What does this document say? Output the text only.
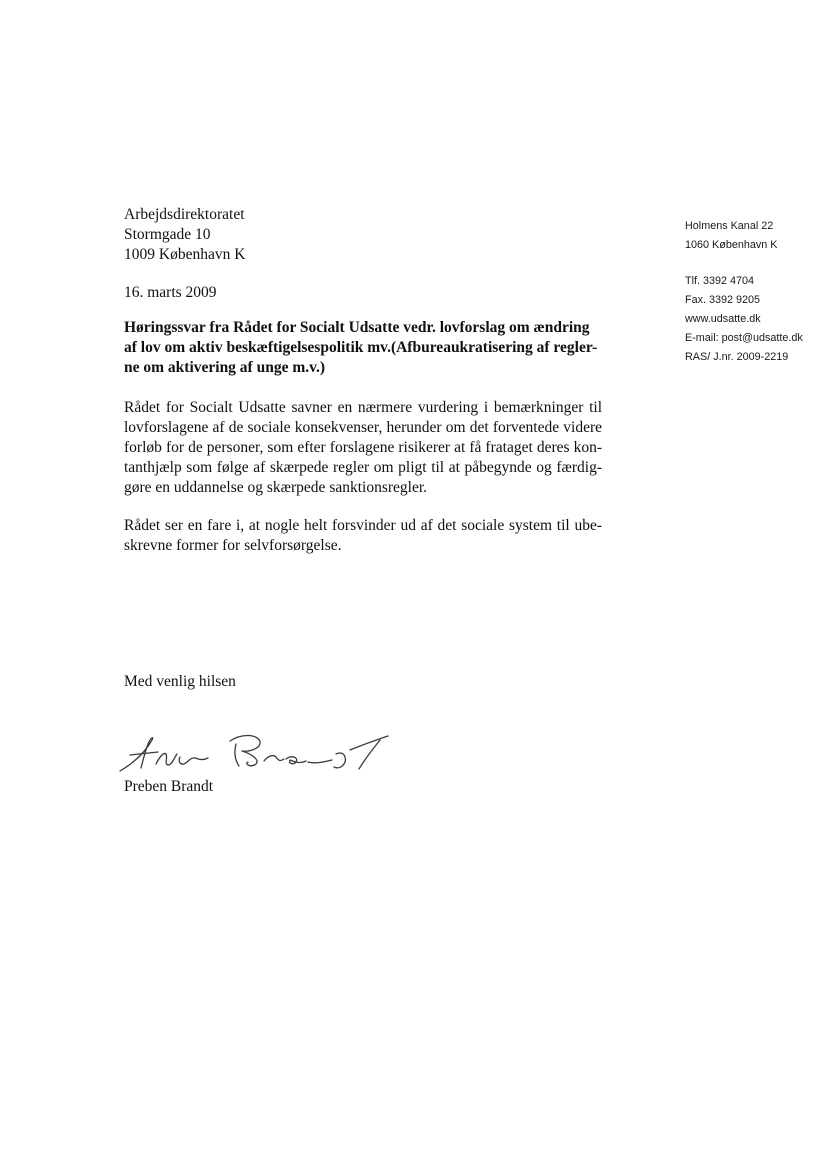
Arbejdsdirektoratet
Stormgade 10
1009 København K
16. marts 2009
Høringssvar fra Rådet for Socialt Udsatte vedr. lovforslag om ændring
af lov om aktiv beskæftigelsespolitik mv.(Afbureaukratisering af regler-
ne om aktivering af unge m.v.)
Rådet for Socialt Udsatte savner en nærmere vurdering i bemærkninger til
lovforslagene af de sociale konsekvenser, herunder om det forventede videre
forløb for de personer, som efter forslagene risikerer at få frataget deres kon-
tanthjælp som følge af skærpede regler om pligt til at påbegynde og færdig-
gøre en uddannelse og skærpede sanktionsregler.
Rådet ser en fare i, at nogle helt forsvinder ud af det sociale system til ube-
skrevne former for selvforsørgelse.
Med venlig hilsen
Preben Brandt
Holmens Kanal 22
1060 København K
Tlf. 3392 4704
Fax. 3392 9205
www.udsatte.dk
E-mail: post@udsatte.dk
RAS/ J.nr. 2009-2219
